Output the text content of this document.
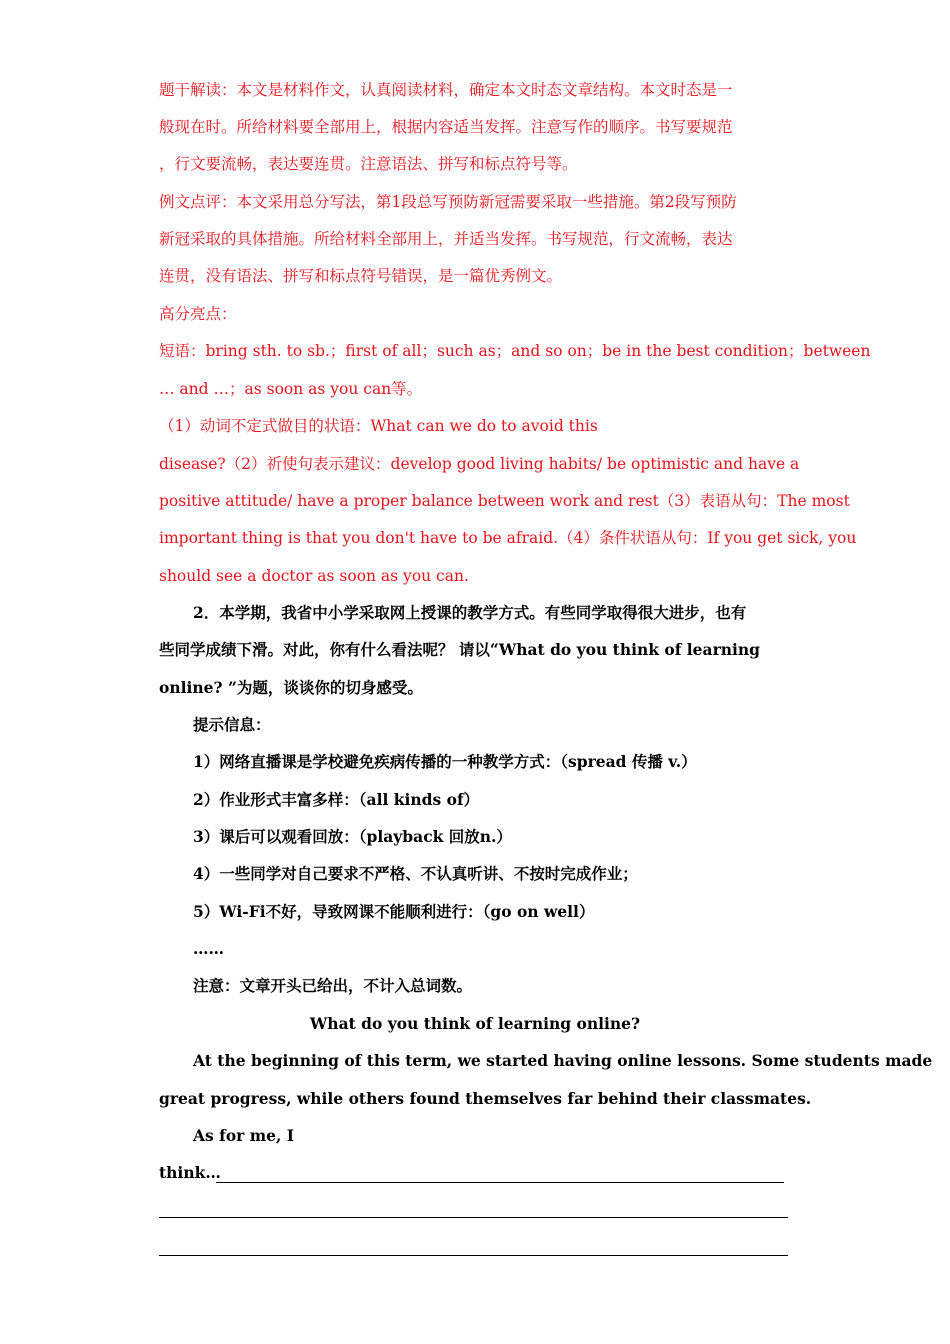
题干解读：本文是材料作文，认真阅读材料，确定本文时态文章结构。本文时态是一
般现在时。所给材料要全部用上，根据内容适当发挥。注意写作的顺序。书写要规范
，行文要流畅，表达要连贯。注意语法、拼写和标点符号等。
例文点评：本文采用总分写法，第1段总写预防新冠需要采取一些措施。第2段写预防
新冠采取的具体措施。所给材料全部用上，并适当发挥。书写规范，行文流畅，表达
连贯，没有语法、拼写和标点符号错误，是一篇优秀例文。
高分亮点：
短语：bring sth. to sb.；first of all；such as；and so on；be in the best condition；between
… and …；as soon as you can等。
（1）动词不定式做目的状语：What can we do to avoid this
disease?（2）祈使句表示建议：develop good living habits/ be optimistic and have a
positive attitude/ have a proper balance between work and rest（3）表语从句：The most
important thing is that you don't have to be afraid.（4）条件状语从句：If you get sick, you
should see a doctor as soon as you can.
2．本学期，我省中小学采取网上授课的教学方式。有些同学取得很大进步，也有
些同学成绩下滑。对此，你有什么看法呢？ 请以“What do you think of learning
online? ”为题，谈谈你的切身感受。
提示信息：
1）网络直播课是学校避免疾病传播的一种教学方式：（spread 传播 v.）
2）作业形式丰富多样：（all kinds of）
3）课后可以观看回放：（playback 回放n.）
4）一些同学对自己要求不严格、不认真听讲、不按时完成作业；
5）Wi-Fi不好，导致网课不能顺利进行：（go on well）
……
注意：文章开头已给出，不计入总词数。
What do you think of learning online?
At the beginning of this term, we started having online lessons. Some students made
great progress, while others found themselves far behind their classmates.
As for me, I
think…
